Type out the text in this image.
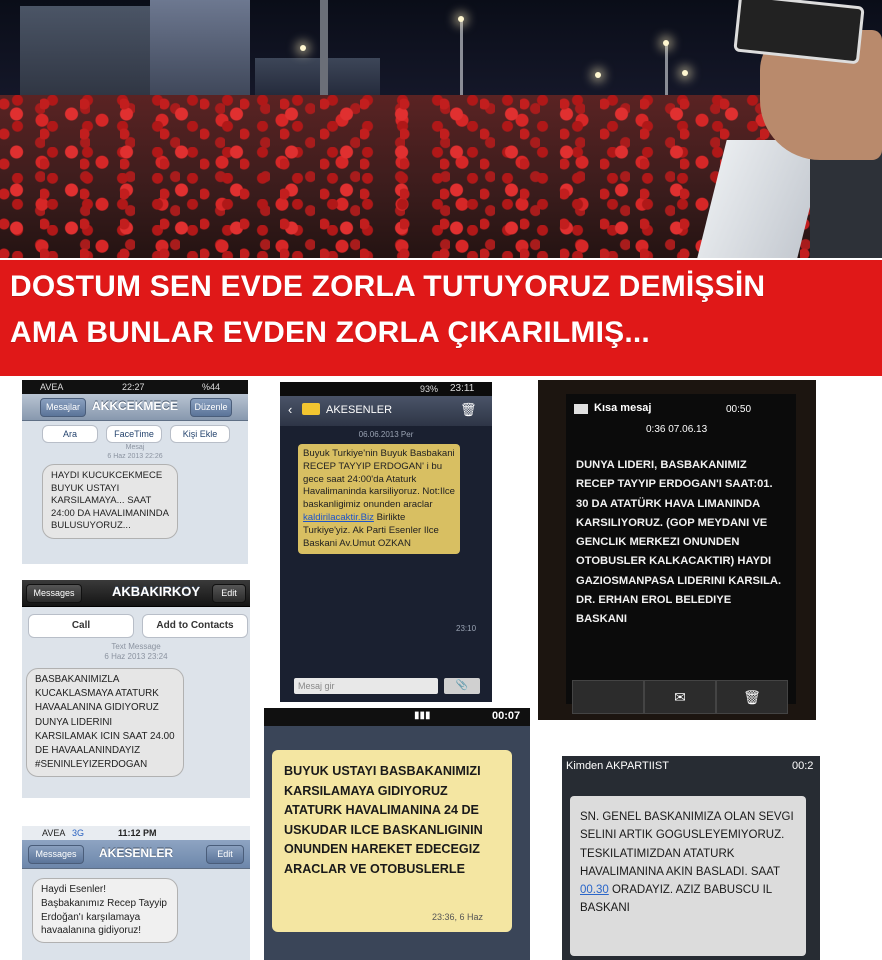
DOSTUM SEN EVDE ZORLA TUTUYORUZ DEMİŞSİN
AMA BUNLAR EVDEN ZORLA ÇIKARILMIŞ...
AVEA	22:27	%44
Mesajlar AKKCEKMECE	Düzenle
Ara	FaceTime	Kişi Ekle
Mesaj
6 Haz 2013 22:26
HAYDI KUCUKCEKMECE BUYUK USTAYI KARSILAMAYA... SAAT 24:00 DA HAVALIMANINDA BULUSUYORUZ...
93% 23:11
‹	AKESENLER	🗑
06.06.2013 Per
Buyuk Turkiye'nin Buyuk Basbakani RECEP TAYYIP ERDOGAN' i bu gece saat 24:00'da Ataturk Havalimaninda karsiliyoruz. Not:Ilce baskanligimiz onunden araclar kaldirilacaktir.Biz Birlikte Turkiye'yiz. Ak Parti Esenler Ilce Baskani Av.Umut OZKAN
23:10
Mesaj gir	📎
Kısa mesaj	00:50
0:36 07.06.13
DUNYA LIDERI, BASBAKANIMIZ RECEP TAYYIP ERDOGAN'I SAAT:01. 30 DA ATATÜRK HAVA LIMANINDA KARSILIYORUZ. (GOP MEYDANI VE GENCLIK MERKEZI ONUNDEN OTOBUSLER KALKACAKTIR) HAYDI GAZIOSMANPASA LIDERINI KARSILA. DR. ERHAN EROL BELEDIYE BASKANI
✉	🗑
Messages	AKBAKIRKOY	Edit
Call	Add to Contacts
Text Message
6 Haz 2013 23:24
BASBAKANIMIZLA KUCAKLASMAYA ATATURK HAVAALANINA GIDIYORUZ DUNYA LIDERINI KARSILAMAK ICIN SAAT 24.00 DE HAVAALANINDAYIZ #SENINLEYIZERDOGAN
AVEA 3G	11:12 PM
Messages	AKESENLER	Edit
Haydi Esenler! Başbakanımız Recep Tayyip Erdoğan'ı karşılamaya havaalanına gidiyoruz!
▮▮▮	00:07
BUYUK USTAYI BASBAKANIMIZI KARSILAMAYA GIDIYORUZ ATATURK HAVALIMANINA 24 DE USKUDAR ILCE BASKANLIGININ ONUNDEN HAREKET EDECEGIZ ARACLAR VE OTOBUSLERLE
23:36, 6 Haz
Kimden AKPARTIIST	00:2
SN. GENEL BASKANIMIZA OLAN SEVGI SELINI ARTIK GOGUSLEYEMIYORUZ. TESKILATIMIZDAN ATATURK HAVALIMANINA AKIN BASLADI. SAAT 00.30 ORADAYIZ. AZIZ BABUSCU IL BASKANI
